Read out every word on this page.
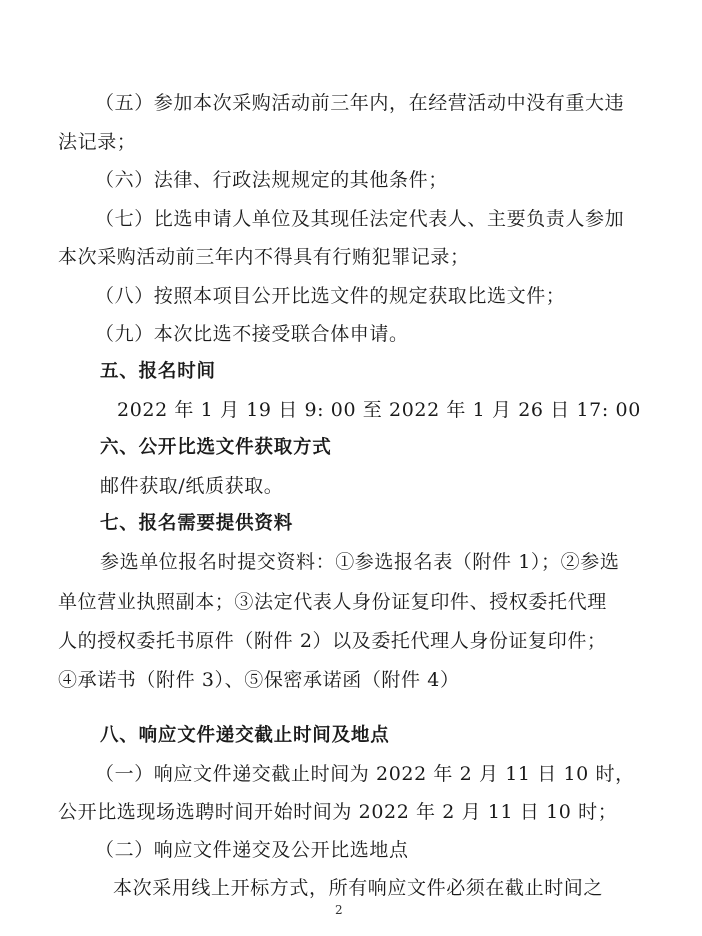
（五）参加本次采购活动前三年内，在经营活动中没有重大违
法记录；
（六）法律、行政法规规定的其他条件；
（七）比选申请人单位及其现任法定代表人、主要负责人参加
本次采购活动前三年内不得具有行贿犯罪记录；
（八）按照本项目公开比选文件的规定获取比选文件；
（九）本次比选不接受联合体申请。
五、报名时间
2022 年 1 月 19 日 9: 00 至 2022 年 1 月 26 日 17: 00
六、公开比选文件获取方式
邮件获取/纸质获取。
七、报名需要提供资料
参选单位报名时提交资料：①参选报名表（附件 1）；②参选
单位营业执照副本；③法定代表人身份证复印件、授权委托代理
人的授权委托书原件（附件 2）以及委托代理人身份证复印件；
④承诺书（附件 3）、⑤保密承诺函（附件 4）
八、响应文件递交截止时间及地点
（一）响应文件递交截止时间为 2022 年 2 月 11 日 10 时，
公开比选现场选聘时间开始时间为 2022 年 2 月 11 日 10 时；
（二）响应文件递交及公开比选地点
本次采用线上开标方式，所有响应文件必须在截止时间之
2
